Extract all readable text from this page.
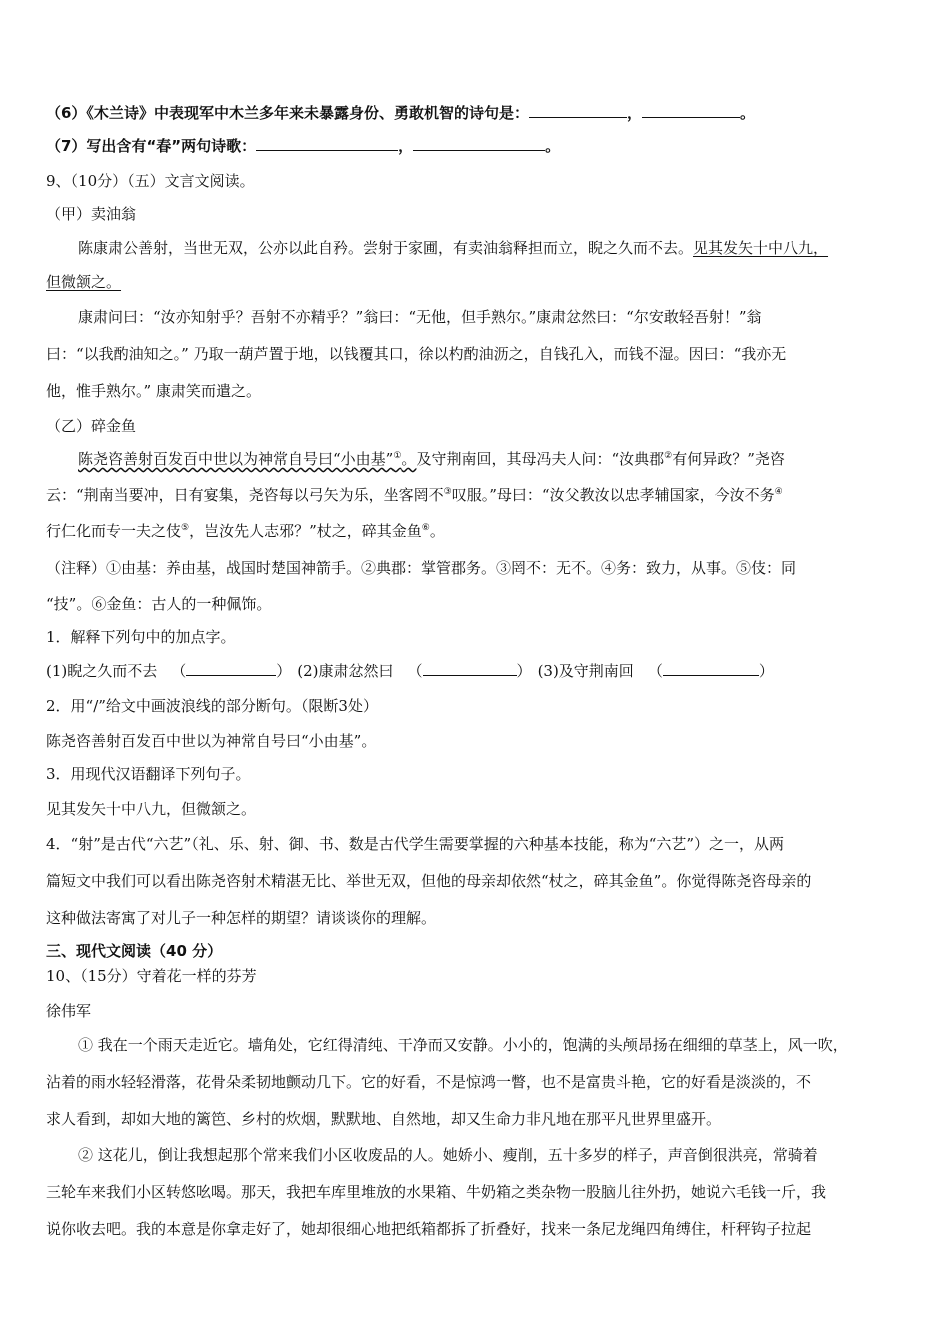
（6）《木兰诗》中表现军中木兰多年来未暴露身份、勇敢机智的诗句是：	，	。
（7）写出含有“春”两句诗歌：	，	。
9、（10分）（五）文言文阅读。
（甲）卖油翁
陈康肃公善射，当世无双，公亦以此自矜。尝射于家圃，有卖油翁释担而立，睨之久而不去。见其发矢十中八九，
但微颔之。
康肃问曰：“汝亦知射乎？吾射不亦精乎？”翁曰：“无他，但手熟尔。”康肃忿然曰：“尔安敢轻吾射！”翁
曰：“以我酌油知之。” 乃取一葫芦置于地，以钱覆其口，徐以杓酌油沥之，自钱孔入，而钱不湿。因曰：“我亦无
他，惟手熟尔。” 康肃笑而遣之。
（乙）碎金鱼
陈尧咨善射百发百中世以为神常自号曰“小由基”①。及守荆南回，其母冯夫人问：“汝典郡②有何异政？”尧咨
云：“荆南当要冲，日有宴集，尧咨每以弓矢为乐，坐客罔不③叹服。”母曰：“汝父教汝以忠孝辅国家，今汝不务④
行仁化而专一夫之伎⑤，岂汝先人志邪？”杖之，碎其金鱼⑥。
（注释）①由基：养由基，战国时楚国神箭手。②典郡：掌管郡务。③罔不：无不。④务：致力，从事。⑤伎：同
“技”。⑥金鱼：古人的一种佩饰。
1．解释下列句中的加点字。
(1)睨之久而不去 （	） (2)康肃忿然曰 （	） (3)及守荆南回 （	）
2．用“/”给文中画波浪线的部分断句。（限断3处）
陈尧咨善射百发百中世以为神常自号曰“小由基”。
3．用现代汉语翻译下列句子。
见其发矢十中八九，但微颔之。
4．“射”是古代“六艺”（礼、乐、射、御、书、数是古代学生需要掌握的六种基本技能，称为“六艺”）之一，从两
篇短文中我们可以看出陈尧咨射术精湛无比、举世无双，但他的母亲却依然“杖之，碎其金鱼”。你觉得陈尧咨母亲的
这种做法寄寓了对儿子一种怎样的期望？请谈谈你的理解。
三、现代文阅读（40 分）
10、（15分）守着花一样的芬芳
徐伟军
① 我在一个雨天走近它。墙角处，它红得清纯、干净而又安静。小小的，饱满的头颅昂扬在细细的草茎上，风一吹，
沾着的雨水轻轻滑落，花骨朵柔韧地颤动几下。它的好看，不是惊鸿一瞥，也不是富贵斗艳，它的好看是淡淡的，不
求人看到，却如大地的篱笆、乡村的炊烟，默默地、自然地，却又生命力非凡地在那平凡世界里盛开。
② 这花儿，倒让我想起那个常来我们小区收废品的人。她娇小、瘦削，五十多岁的样子，声音倒很洪亮，常骑着
三轮车来我们小区转悠吆喝。那天，我把车库里堆放的水果箱、牛奶箱之类杂物一股脑儿往外扔，她说六毛钱一斤，我
说你收去吧。我的本意是你拿走好了，她却很细心地把纸箱都拆了折叠好，找来一条尼龙绳四角缚住，杆秤钩子拉起
